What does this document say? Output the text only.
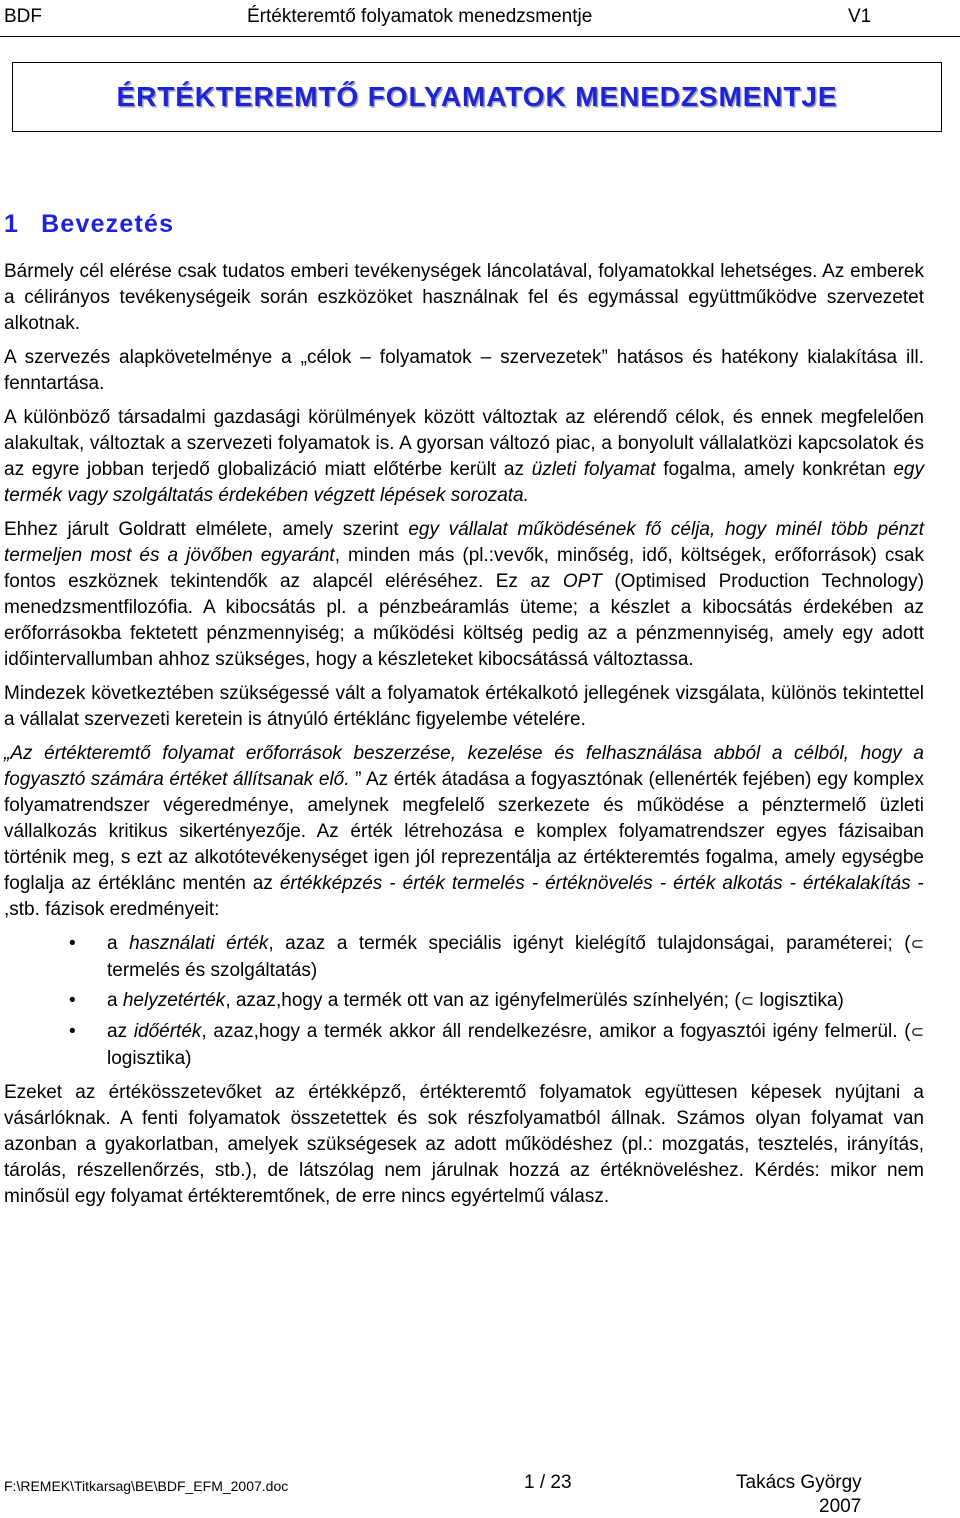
BDF	Értékteremtő folyamatok menedzsmentje	V1
ÉRTÉKTEREMTŐ FOLYAMATOK MENEDZSMENTJE
1 Bevezetés

Bármely cél elérése csak tudatos emberi tevékenységek láncolatával, folyamatokkal lehetséges. Az emberek a célirányos tevékenységeik során eszközöket használnak fel és egymással együttműködve szervezetet alkotnak.

A szervezés alapkövetelménye a „célok – folyamatok – szervezetek” hatásos és hatékony kialakítása ill. fenntartása.

A különböző társadalmi gazdasági körülmények között változtak az elérendő célok, és ennek megfelelően alakultak, változtak a szervezeti folyamatok is. A gyorsan változó piac, a bonyolult vállalatközi kapcsolatok és az egyre jobban terjedő globalizáció miatt előtérbe került az üzleti folyamat fogalma, amely konkrétan egy termék vagy szolgáltatás érdekében végzett lépések sorozata.

Ehhez járult Goldratt elmélete, amely szerint egy vállalat működésének fő célja, hogy minél több pénzt termeljen most és a jövőben egyaránt, minden más (pl.:vevők, minőség, idő, költségek, erőforrások) csak fontos eszköznek tekintendők az alapcél eléréséhez. Ez az OPT (Optimised Production Technology) menedzsmentfilozófia. A kibocsátás pl. a pénzbeáramlás üteme; a készlet a kibocsátás érdekében az erőforrásokba fektetett pénzmennyiség; a működési költség pedig az a pénzmennyiség, amely egy adott időintervallumban ahhoz szükséges, hogy a készleteket kibocsátássá változtassa.

Mindezek következtében szükségessé vált a folyamatok értékalkotó jellegének vizsgálata, különös tekintettel a vállalat szervezeti keretein is átnyúló értéklánc figyelembe vételére.

„Az értékteremtő folyamat erőforrások beszerzése, kezelése és felhasználása abból a célból, hogy a fogyasztó számára értéket állítsanak elő. ” Az érték átadása a fogyasztónak (ellenérték fejében) egy komplex folyamatrendszer végeredménye, amelynek megfelelő szerkezete és működése a pénztermelő üzleti vállalkozás kritikus sikertényezője. Az érték létrehozása e komplex folyamatrendszer egyes fázisaiban történik meg, s ezt az alkotótevékenységet igen jól reprezentálja az értékteremtés fogalma, amely egységbe foglalja az értéklánc mentén az értékképzés - érték termelés - értéknövelés - érték alkotás - értékalakítás - ,stb. fázisok eredményeit:

• a használati érték, azaz a termék speciális igényt kielégítő tulajdonságai, paraméterei; (⊂ termelés és szolgáltatás)
• a helyzetérték, azaz,hogy a termék ott van az igényfelmerülés színhelyén; (⊂ logisztika)
• az időérték, azaz,hogy a termék akkor áll rendelkezésre, amikor a fogyasztói igény felmerül. (⊂ logisztika)

Ezeket az értékösszetevőket az értékképző, értékteremtő folyamatok együttesen képesek nyújtani a vásárlóknak. A fenti folyamatok összetettek és sok részfolyamatból állnak. Számos olyan folyamat van azonban a gyakorlatban, amelyek szükségesek az adott működéshez (pl.: mozgatás, tesztelés, irányítás, tárolás, részellenőrzés, stb.), de látszólag nem járulnak hozzá az értéknöveléshez. Kérdés: mikor nem minősül egy folyamat értékteremtőnek, de erre nincs egyértelmű válasz.

F:\REMEK\Titkarsag\BE\BDF_EFM_2007.doc	1 / 23	Takács György
2007
